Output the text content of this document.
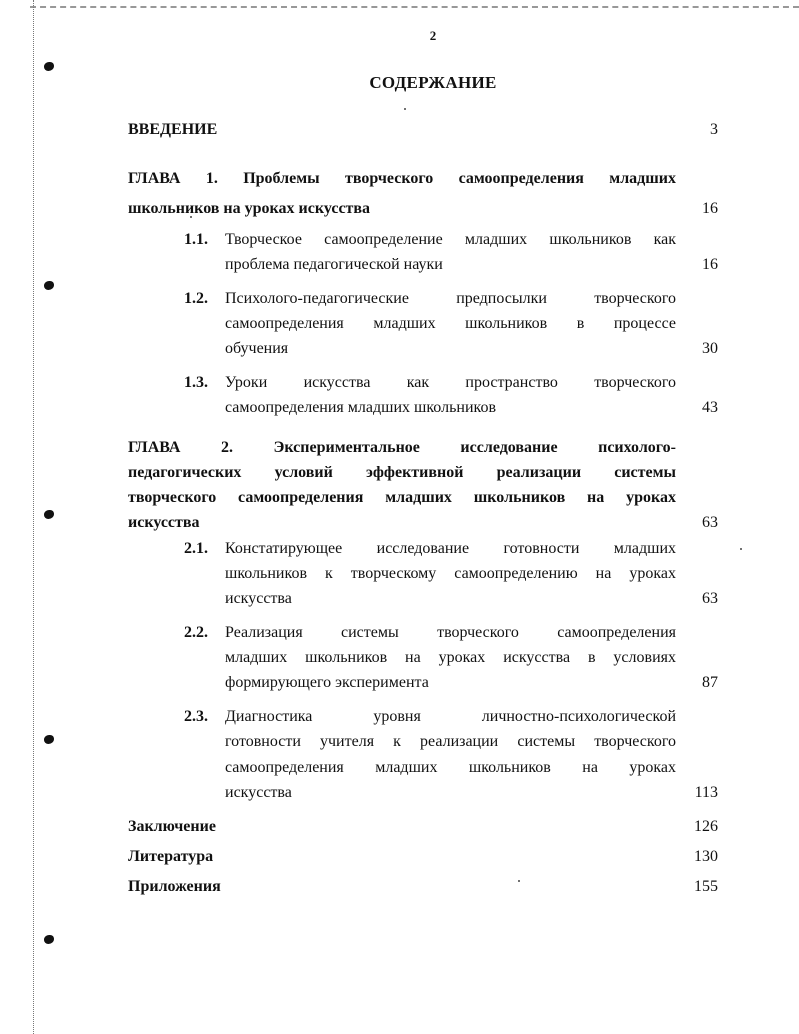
2
СОДЕРЖАНИЕ
ВВЕДЕНИЕ	3
ГЛАВА 1. Проблемы творческого самоопределения младших
школьников на уроках искусства	16
1.1. Творческое самоопределение младших школьников как
проблема педагогической науки	16
1.2. Психолого-педагогические предпосылки творческого
самоопределения младших школьников в процессе
обучения	30
1.3. Уроки искусства как пространство творческого
самоопределения младших школьников	43
ГЛАВА 2. Экспериментальное исследование психолого-
педагогических условий эффективной реализации системы
творческого самоопределения младших школьников на уроках
искусства	63
2.1. Констатирующее исследование готовности младших
школьников к творческому самоопределению на уроках
искусства	63
2.2. Реализация системы творческого самоопределения
младших школьников на уроках искусства в условиях
формирующего эксперимента	87
2.3. Диагностика уровня личностно-психологической
готовности учителя к реализации системы творческого
самоопределения младших школьников на уроках
искусства	113
Заключение	126
Литература	130
Приложения	155
